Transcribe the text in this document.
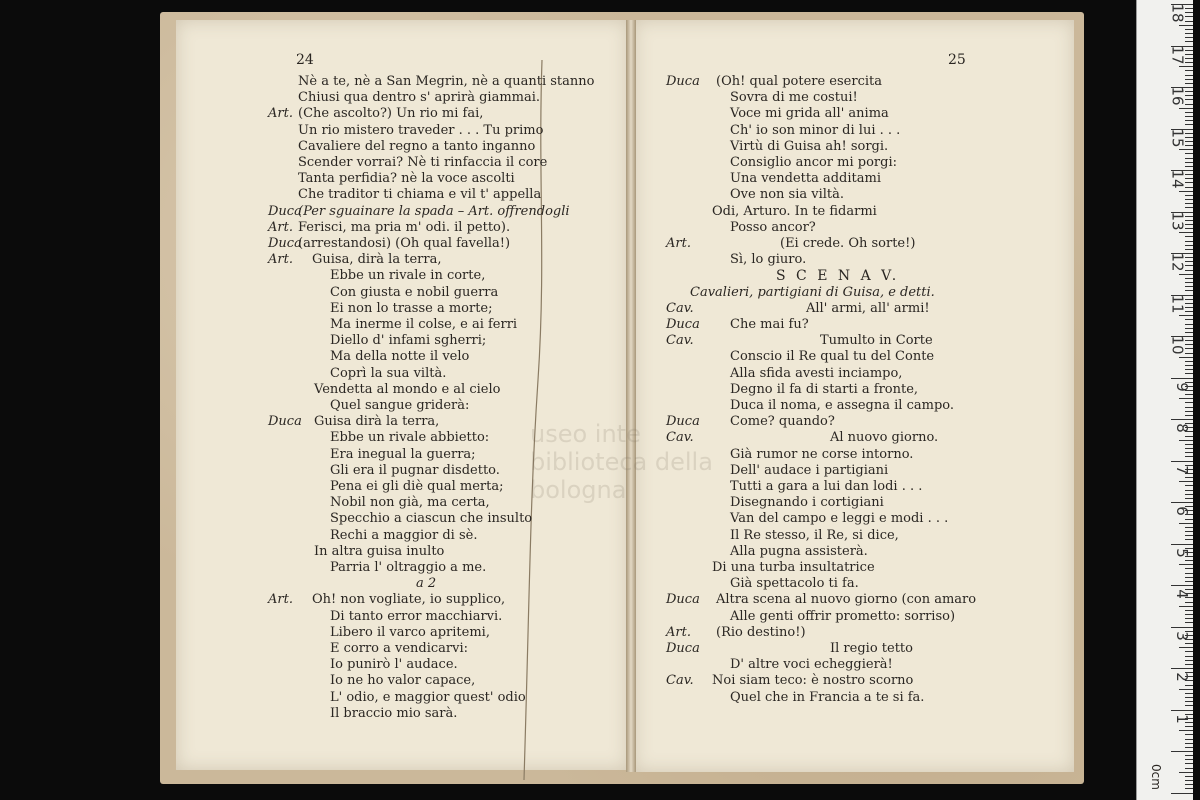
useo inte
biblioteca della
bologna
24	25
Nè a te, nè a San Megrin, nè a quanti stanno
Chiusi qua dentro s' aprirà giammai.
Art. (Che ascolto?) Un rio mi fai,
Un rio mistero traveder . . . Tu primo
Cavaliere del regno a tanto inganno
Scender vorrai? Nè ti rinfaccia il core
Tanta perfidia? nè la voce ascolti
Che traditor ti chiama e vil t' appella
Duca
(Per sguainare la spada – Art. offrendogli
Art. Ferisci, ma pria m' odi. il petto).
Duca
(arrestandosi) (Oh qual favella!)
Art. Guisa, dirà la terra,
Ebbe un rivale in corte,
Con giusta e nobil guerra
Ei non lo trasse a morte;
Ma inerme il colse, e ai ferri
Diello d' infami sgherri;
Ma della notte il velo
Coprì la sua viltà.
Vendetta al mondo e al cielo
Quel sangue griderà:
Duca Guisa dirà la terra,
Ebbe un rivale abbietto:
Era inegual la guerra;
Gli era il pugnar disdetto.
Pena ei gli diè qual merta;
Nobil non già, ma certa,
Specchio a ciascun che insulto
Rechi a maggior di sè.
In altra guisa inulto
Parria l' oltraggio a me.
a 2
Art. Oh! non vogliate, io supplico,
Di tanto error macchiarvi.
Libero il varco apritemi,
E corro a vendicarvi:
Io punirò l' audace.
Io ne ho valor capace,
L' odio, e maggior quest' odio
Il braccio mio sarà.
Duca (Oh! qual potere esercita
Sovra di me costui!
Voce mi grida all' anima
Ch' io son minor di lui . . .
Virtù di Guisa ah! sorgi.
Consiglio ancor mi porgi:
Una vendetta additami
Ove non sia viltà.
Odi, Arturo. In te fidarmi
Posso ancor?
Art.	(Ei crede. Oh sorte!)
Sì, lo giuro.
S C E N A V.
Cavalieri, partigiani di Guisa, e detti.
Cav.	All' armi, all' armi!
Duca Che mai fu?
Cav.	Tumulto in Corte
Conscio il Re qual tu del Conte
Alla sfida avesti inciampo,
Degno il fa di starti a fronte,
Duca il noma, e assegna il campo.
Duca Come? quando?
Cav.	Al nuovo giorno.
Già rumor ne corse intorno.
Dell' audace i partigiani
Tutti a gara a lui dan lodi . . .
Disegnando i cortigiani
Van del campo e leggi e modi . . .
Il Re stesso, il Re, si dice,
Alla pugna assisterà.
Di una turba insultatrice
Già spettacolo ti fa.
Duca Altra scena al nuovo giorno (con amaro
Alle genti offrir prometto: sorriso)
Art. (Rio destino!)
Duca	Il regio tetto
D' altre voci echeggierà!
Cav. Noi siam teco: è nostro scorno
Quel che in Francia a te si fa.
18
17
16
15
14
13
12
11
10
9
8
7
6
5
4
3
2
1
0cm
